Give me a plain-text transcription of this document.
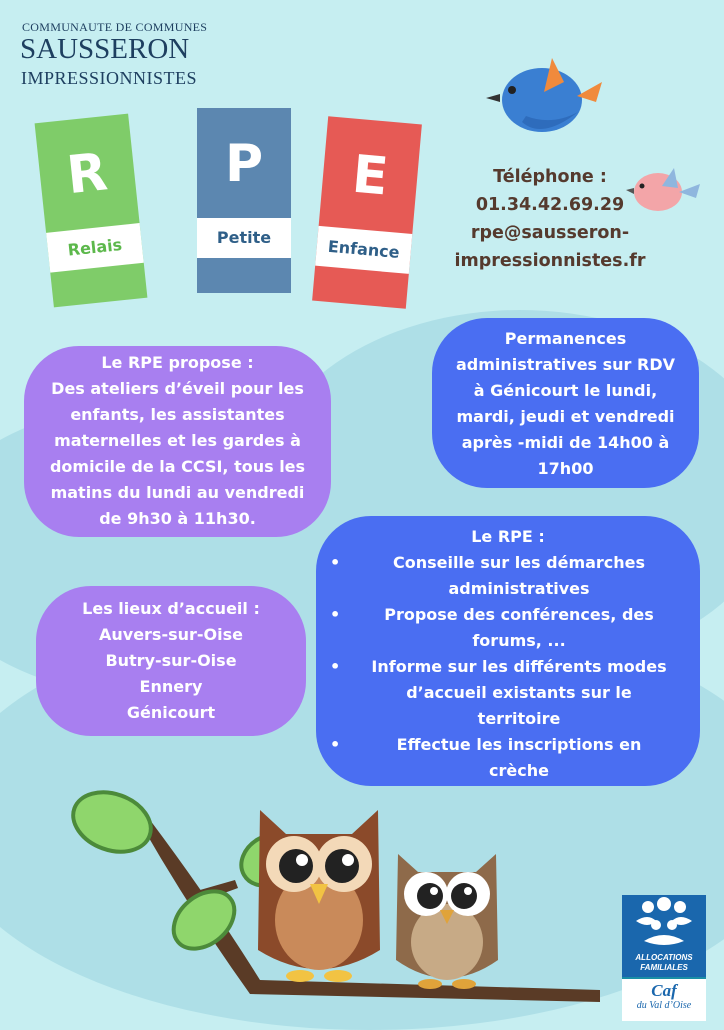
COMMUNAUTE DE COMMUNES
SAUSSERON
IMPRESSIONNISTES
R
Relais
P
Petite
E
Enfance
Téléphone :
01.34.42.69.29
rpe@sausseron-
impressionnistes.fr
Le RPE propose :
Des ateliers d’éveil pour les
enfants, les assistantes
maternelles et les gardes à
domicile de la CCSI, tous les
matins du lundi au vendredi
de 9h30 à 11h30.
Permanences
administratives sur RDV
à Génicourt le lundi,
mardi, jeudi et vendredi
après -midi de 14h00 à
17h00
Les lieux d’accueil :
Auvers-sur-Oise
Butry-sur-Oise
Ennery
Génicourt
Le RPE :
•	Conseille sur les démarches
administratives
•	Propose des conférences, des
forums, ...
•	Informe sur les différents modes
d’accueil existants sur le
territoire
•	Effectue les inscriptions en
crèche
ALLOCATIONS
FAMILIALES
Caf
du Val d’Oise
